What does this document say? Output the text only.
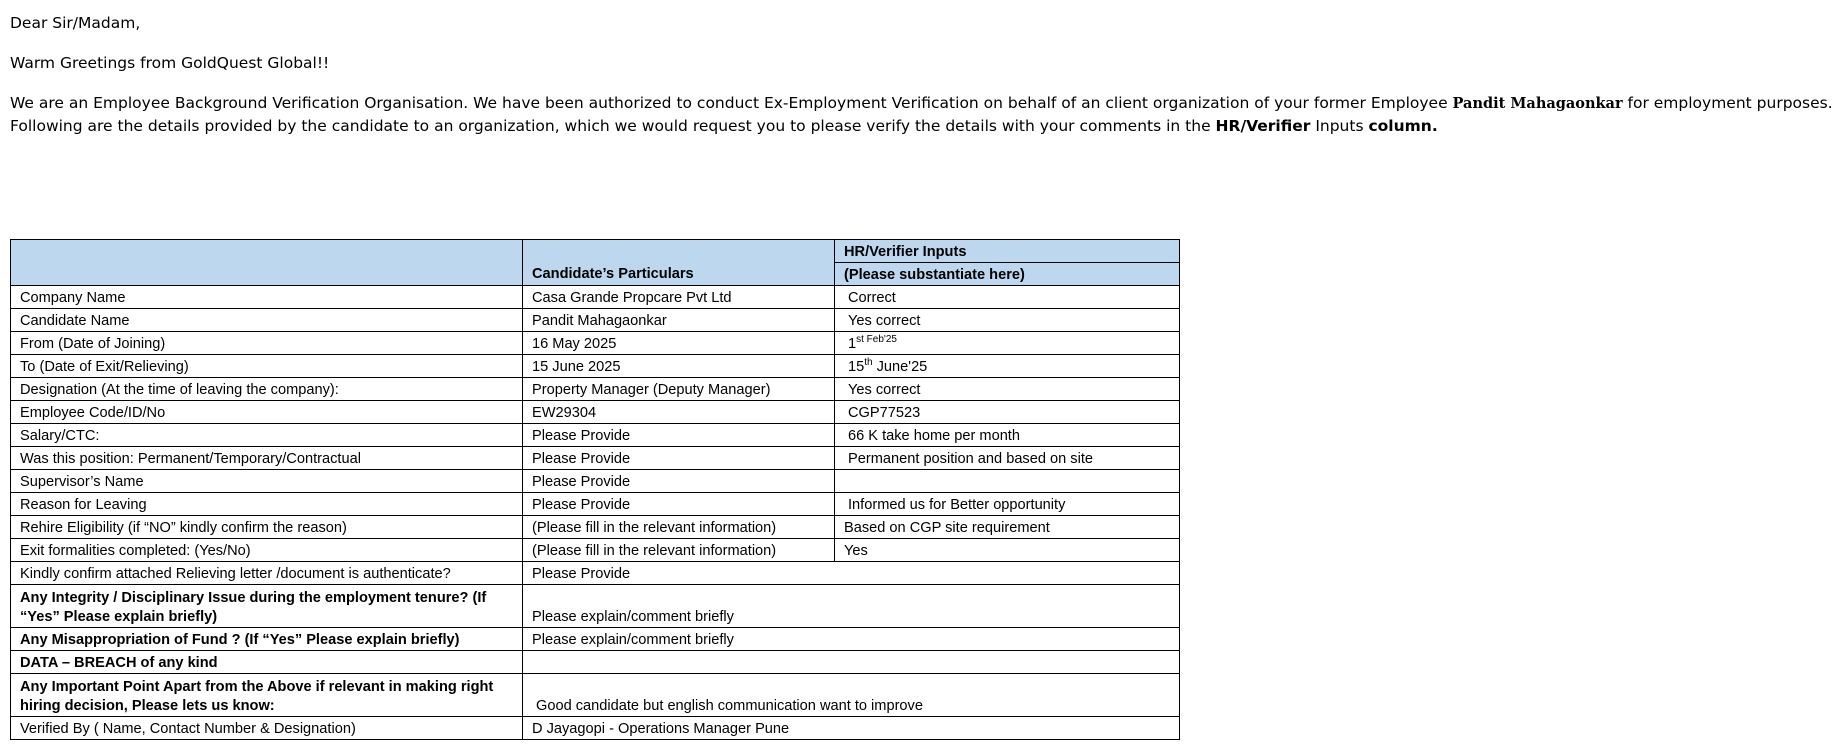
Dear Sir/Madam,

Warm Greetings from GoldQuest Global!!

We are an Employee Background Verification Organisation. We have been authorized to conduct Ex-Employment Verification on behalf of an client organization of your former Employee Pandit Mahagaonkar for employment purposes.

Following are the details provided by the candidate to an organization, which we would request you to please verify the details with your comments in the HR/Verifier Inputs column.

	Candidate’s Particulars	HR/Verifier Inputs
		(Please substantiate here)
Company Name	Casa Grande Propcare Pvt Ltd	Correct
Candidate Name	Pandit Mahagaonkar	Yes correct
From (Date of Joining)	16 May 2025	$1^{st Feb'25}$
To (Date of Exit/Relieving)	15 June 2025	15th June'25
Designation (At the time of leaving the company):	Property Manager (Deputy Manager)	Yes correct
Employee Code/ID/No	EW29304	CGP77523
Salary/CTC:	Please Provide	66 K take home per month
Was this position: Permanent/Temporary/Contractual	Please Provide	Permanent position and based on site
Supervisor’s Name	Please Provide	
Reason for Leaving	Please Provide	Informed us for Better opportunity
Rehire Eligibility (if “NO” kindly confirm the reason)	(Please fill in the relevant information)	Based on CGP site requirement
Exit formalities completed: (Yes/No)	(Please fill in the relevant information)	Yes
Kindly confirm attached Relieving letter /document is authenticate?	Please Provide	
Any Integrity / Disciplinary Issue during the employment tenure? (If “Yes” Please explain briefly)	Please explain/comment briefly	
Any Misappropriation of Fund ? (If “Yes” Please explain briefly)	Please explain/comment briefly	
DATA – BREACH of any kind		
Any Important Point Apart from the Above if relevant in making right hiring decision, Please lets us know:	Good candidate but english communication want to improve	
Verified By ( Name, Contact Number & Designation)	D Jayagopi - Operations Manager Pune	
